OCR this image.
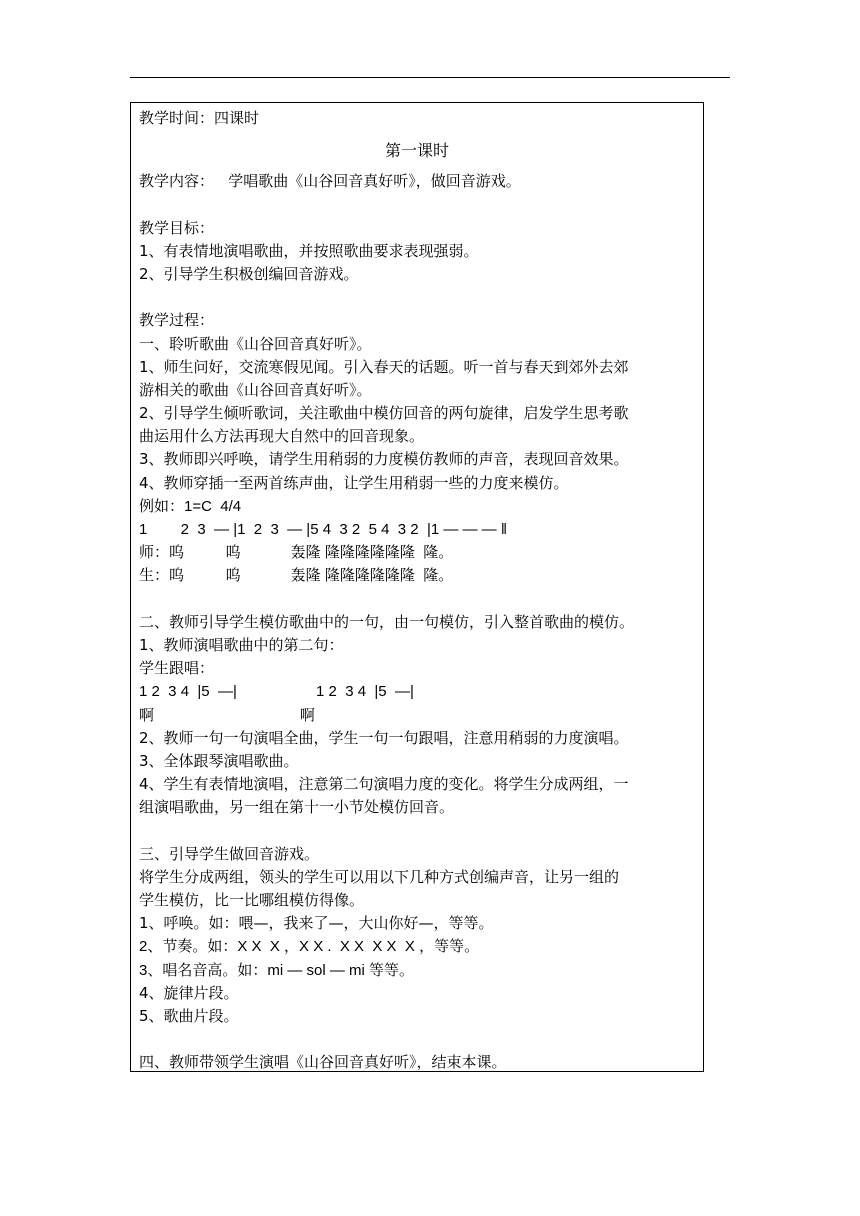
教学时间：四课时
第一课时
教学内容：   学唱歌曲《山谷回音真好听》，做回音游戏。
教学目标：
1、有表情地演唱歌曲，并按照歌曲要求表现强弱。
2、引导学生积极创编回音游戏。
教学过程：
一、聆听歌曲《山谷回音真好听》。
1、师生问好，交流寒假见闻。引入春天的话题。听一首与春天到郊外去郊
游相关的歌曲《山谷回音真好听》。
2、引导学生倾听歌词，关注歌曲中模仿回音的两句旋律，启发学生思考歌
曲运用什么方法再现大自然中的回音现象。
3、教师即兴呼唤，请学生用稍弱的力度模仿教师的声音，表现回音效果。
4、教师穿插一至两首练声曲，让学生用稍弱一些的力度来模仿。
例如：1=C  4/4
1        2  3  — |1  2  3  — |5 4  3 2  5 4  3 2  |1 — — — ‖
师：呜          呜            轰隆 隆隆隆隆隆隆  隆。
生：呜          呜            轰隆 隆隆隆隆隆隆  隆。
二、教师引导学生模仿歌曲中的一句，由一句模仿，引入整首歌曲的模仿。
1、教师演唱歌曲中的第二句：
学生跟唱：
1 2  3 4  |5  —|                   1 2  3 4  |5  —|
啊                                   啊
2、教师一句一句演唱全曲，学生一句一句跟唱，注意用稍弱的力度演唱。
3、全体跟琴演唱歌曲。
4、学生有表情地演唱，注意第二句演唱力度的变化。将学生分成两组，一
组演唱歌曲，另一组在第十一小节处模仿回音。
三、引导学生做回音游戏。
将学生分成两组，领头的学生可以用以下几种方式创编声音，让另一组的
学生模仿，比一比哪组模仿得像。
1、呼唤。如：喂—，我来了—，大山你好—，等等。
2、节奏。如：X X  X ，X X .  X X  X X  X ，等等。
3、唱名音高。如：mi — sol — mi 等等。
4、旋律片段。
5、歌曲片段。
四、教师带领学生演唱《山谷回音真好听》，结束本课。
